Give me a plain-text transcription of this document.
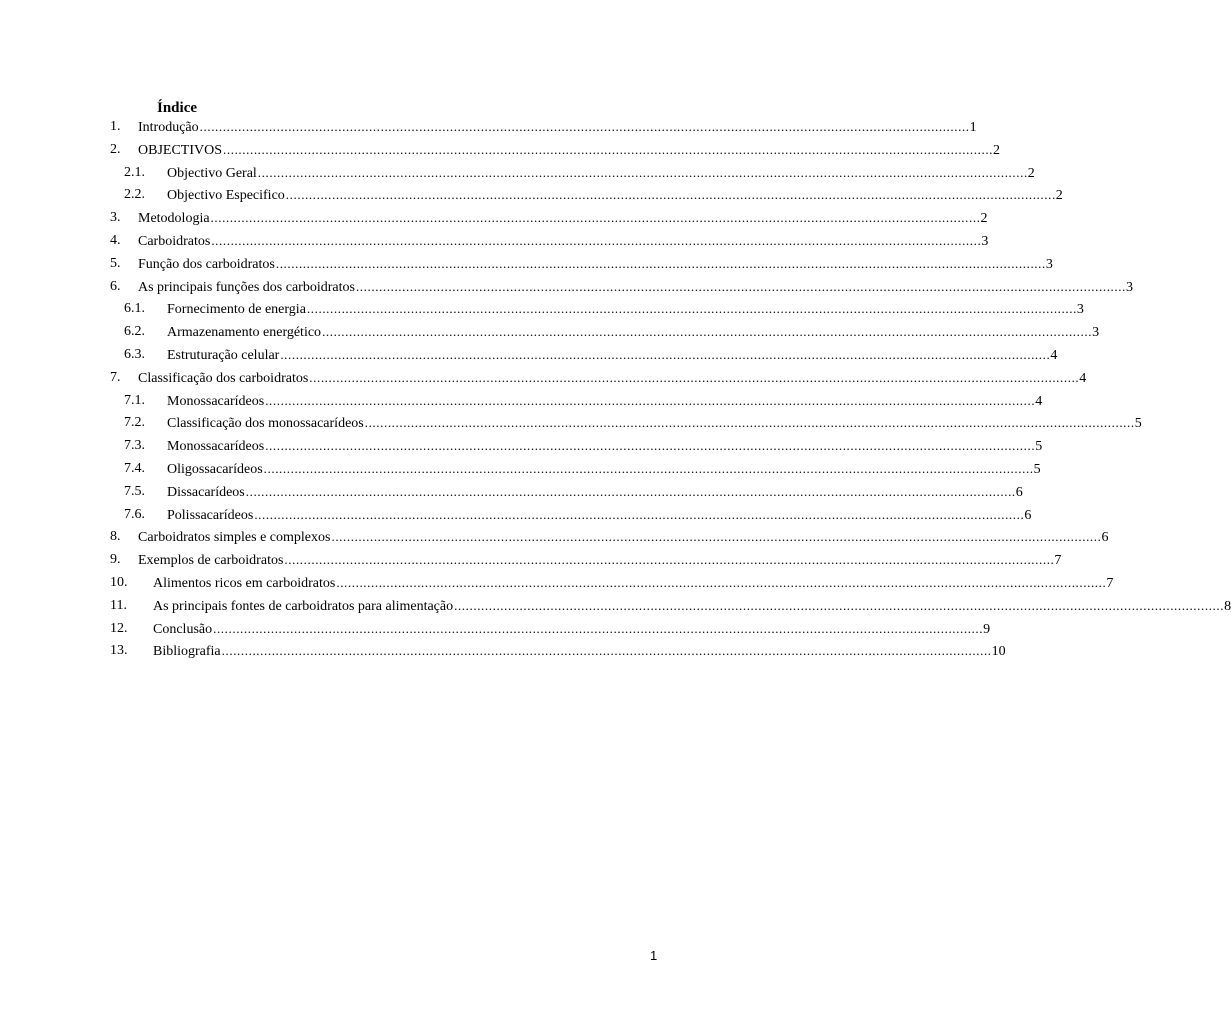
Índice
1. Introdução ........................................................................................................................................................................................................ 1
2. OBJECTIVOS ........................................................................................................................................................................................................ 2
2.1. Objectivo Geral ........................................................................................................................................................................................................ 2
2.2. Objectivo Especifico ........................................................................................................................................................................................................ 2
3. Metodologia ........................................................................................................................................................................................................ 2
4. Carboidratos ........................................................................................................................................................................................................ 3
5. Função dos carboidratos ........................................................................................................................................................................................................ 3
6. As principais funções dos carboidratos ........................................................................................................................................................................................................ 3
6.1. Fornecimento de energia ........................................................................................................................................................................................................ 3
6.2. Armazenamento energético ........................................................................................................................................................................................................ 3
6.3. Estruturação celular ........................................................................................................................................................................................................ 4
7. Classificação dos carboidratos ........................................................................................................................................................................................................ 4
7.1. Monossacarídeos ........................................................................................................................................................................................................ 4
7.2. Classificação dos monossacarídeos ........................................................................................................................................................................................................ 5
7.3. Monossacarídeos ........................................................................................................................................................................................................ 5
7.4. Oligossacarídeos ........................................................................................................................................................................................................ 5
7.5. Dissacarídeos ........................................................................................................................................................................................................ 6
7.6. Polissacarídeos ........................................................................................................................................................................................................ 6
8. Carboidratos simples e complexos ........................................................................................................................................................................................................ 6
9. Exemplos de carboidratos ........................................................................................................................................................................................................ 7
10. Alimentos ricos em carboidratos ........................................................................................................................................................................................................ 7
11. As principais fontes de carboidratos para alimentação ........................................................................................................................................................................................................ 8
12. Conclusão ........................................................................................................................................................................................................ 9
13. Bibliografia ........................................................................................................................................................................................................ 10

1
